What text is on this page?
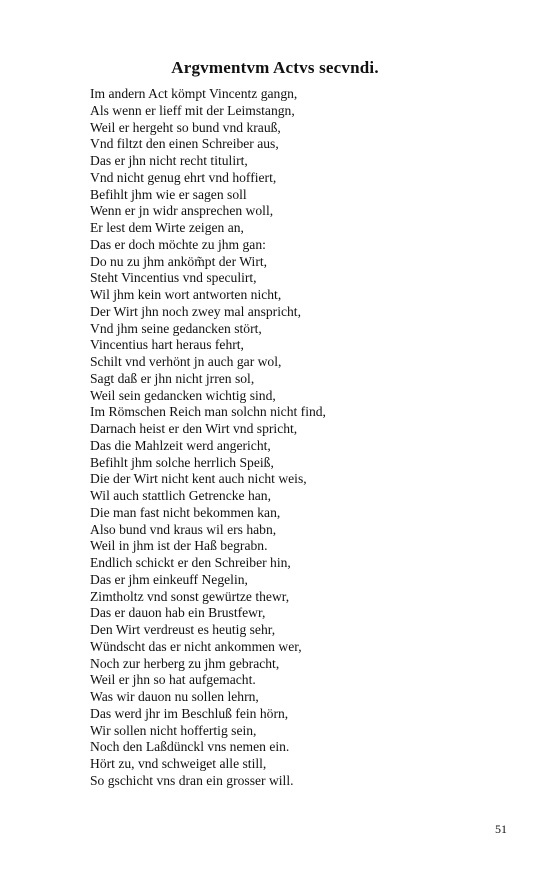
Argvmentvm Actvs secvndi.
Im andern Act kömpt Vincentz gangn,
Als wenn er lieff mit der Leimstangn,
Weil er hergeht so bund vnd krauß,
Vnd filtzt den einen Schreiber aus,
Das er jhn nicht recht titulirt,
Vnd nicht genug ehrt vnd hoffiert,
Befihlt jhm wie er sagen soll
Wenn er jn widr ansprechen woll,
Er lest dem Wirte zeigen an,
Das er doch möchte zu jhm gan:
Do nu zu jhm anköm̃pt der Wirt,
Steht Vincentius vnd speculirt,
Wil jhm kein wort antworten nicht,
Der Wirt jhn noch zwey mal anspricht,
Vnd jhm seine gedancken stört,
Vincentius hart heraus fehrt,
Schilt vnd verhönt jn auch gar wol,
Sagt daß er jhn nicht jrren sol,
Weil sein gedancken wichtig sind,
Im Römschen Reich man solchn nicht find,
Darnach heist er den Wirt vnd spricht,
Das die Mahlzeit werd angericht,
Befihlt jhm solche herrlich Speiß,
Die der Wirt nicht kent auch nicht weis,
Wil auch stattlich Getrencke han,
Die man fast nicht bekommen kan,
Also bund vnd kraus wil ers habn,
Weil in jhm ist der Haß begrabn.
Endlich schickt er den Schreiber hin,
Das er jhm einkeuff Negelin,
Zimtholtz vnd sonst gewürtze thewr,
Das er dauon hab ein Brustfewr,
Den Wirt verdreust es heutig sehr,
Wündscht das er nicht ankommen wer,
Noch zur herberg zu jhm gebracht,
Weil er jhn so hat aufgemacht.
Was wir dauon nu sollen lehrn,
Das werd jhr im Beschluß fein hörn,
Wir sollen nicht hoffertig sein,
Noch den Laßdünckl vns nemen ein.
Hört zu, vnd schweiget alle still,
So gschicht vns dran ein grosser will.
51
